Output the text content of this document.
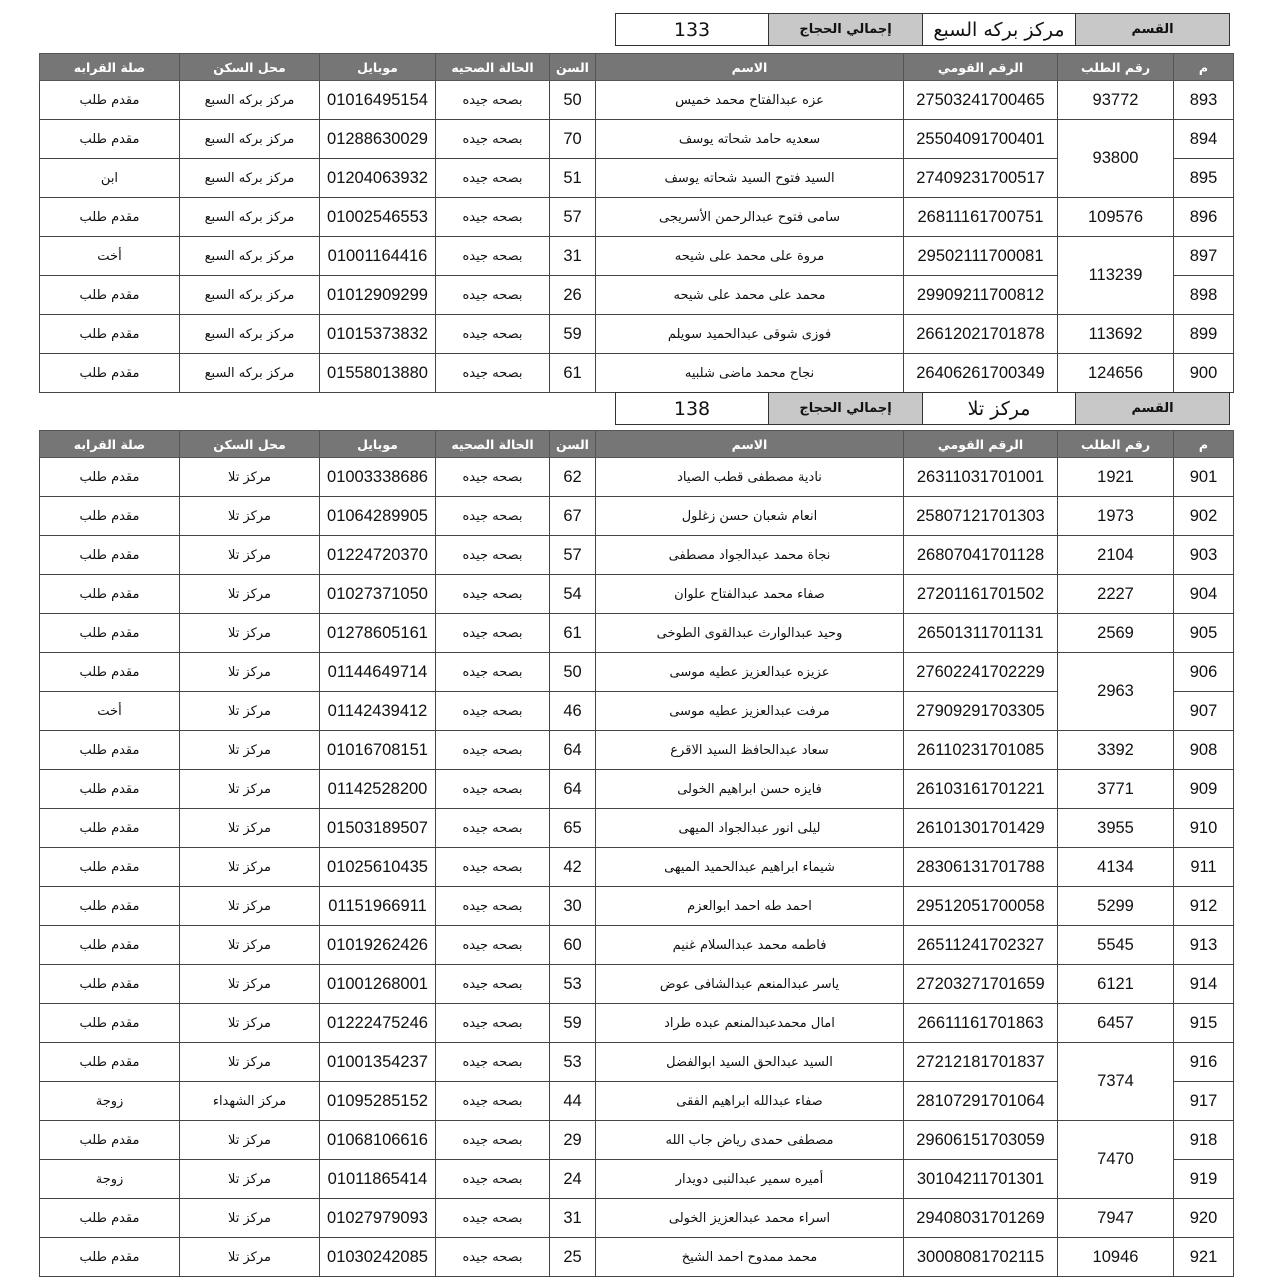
133	إجمالي الحجاج	مركز بركه السبع	القسم
صلة القرابه	محل السكن	موبايل	الحالة الصحيه	السن	الاسم	الرقم القومي	رقم الطلب	م
مقدم طلب	مركز بركه السبع	01016495154	بصحه جيده	50	عزه عبدالفتاح محمد خميس	27503241700465	93772	893
مقدم طلب	مركز بركه السبع	01288630029	بصحه جيده	70	سعديه حامد شحاته يوسف	25504091700401	93800	894
ابن	مركز بركه السبع	01204063932	بصحه جيده	51	السيد فتوح السيد شحاته يوسف	27409231700517		895
مقدم طلب	مركز بركه السبع	01002546553	بصحه جيده	57	سامى فتوح عبدالرحمن الأسريجى	26811161700751	109576	896
أخت	مركز بركه السبع	01001164416	بصحه جيده	31	مروة على محمد على شيحه	29502111700081	113239	897
مقدم طلب	مركز بركه السبع	01012909299	بصحه جيده	26	محمد على محمد على شيحه	29909211700812		898
مقدم طلب	مركز بركه السبع	01015373832	بصحه جيده	59	فوزى شوقى عبدالحميد سويلم	26612021701878	113692	899
مقدم طلب	مركز بركه السبع	01558013880	بصحه جيده	61	نجاح محمد ماضى شلبيه	26406261700349	124656	900
138	إجمالي الحجاج	مركز تلا	القسم
صلة القرابه	محل السكن	موبايل	الحالة الصحيه	السن	الاسم	الرقم القومي	رقم الطلب	م
مقدم طلب	مركز تلا	01003338686	بصحه جيده	62	نادية مصطفى قطب الصياد	26311031701001	1921	901
مقدم طلب	مركز تلا	01064289905	بصحه جيده	67	انعام شعبان حسن زغلول	25807121701303	1973	902
مقدم طلب	مركز تلا	01224720370	بصحه جيده	57	نجاة محمد عبدالجواد مصطفى	26807041701128	2104	903
مقدم طلب	مركز تلا	01027371050	بصحه جيده	54	صفاء محمد عبدالفتاح علوان	27201161701502	2227	904
مقدم طلب	مركز تلا	01278605161	بصحه جيده	61	وحيد عبدالوارث عبدالقوى الطوخى	26501311701131	2569	905
مقدم طلب	مركز تلا	01144649714	بصحه جيده	50	عزيزه عبدالعزيز عطيه موسى	27602241702229	2963	906
أخت	مركز تلا	01142439412	بصحه جيده	46	مرفت عبدالعزيز عطيه موسى	27909291703305		907
مقدم طلب	مركز تلا	01016708151	بصحه جيده	64	سعاد عبدالحافظ السيد الاقرع	26110231701085	3392	908
مقدم طلب	مركز تلا	01142528200	بصحه جيده	64	فايزه حسن ابراهيم الخولى	26103161701221	3771	909
مقدم طلب	مركز تلا	01503189507	بصحه جيده	65	ليلى انور عبدالجواد الميهى	26101301701429	3955	910
مقدم طلب	مركز تلا	01025610435	بصحه جيده	42	شيماء ابراهيم عبدالحميد الميهى	28306131701788	4134	911
مقدم طلب	مركز تلا	01151966911	بصحه جيده	30	احمد طه احمد ابوالعزم	29512051700058	5299	912
مقدم طلب	مركز تلا	01019262426	بصحه جيده	60	فاطمه محمد عبدالسلام غنيم	26511241702327	5545	913
مقدم طلب	مركز تلا	01001268001	بصحه جيده	53	ياسر عبدالمنعم عبدالشافى عوض	27203271701659	6121	914
مقدم طلب	مركز تلا	01222475246	بصحه جيده	59	امال محمدعبدالمنعم عبده طراد	26611161701863	6457	915
مقدم طلب	مركز تلا	01001354237	بصحه جيده	53	السيد عبدالحق السيد ابوالفضل	27212181701837	7374	916
زوجة	مركز الشهداء	01095285152	بصحه جيده	44	صفاء عبدالله ابراهيم الفقى	28107291701064		917
مقدم طلب	مركز تلا	01068106616	بصحه جيده	29	مصطفى حمدى رياض جاب الله	29606151703059	7470	918
زوجة	مركز تلا	01011865414	بصحه جيده	24	أميره سمير عبدالنبى دويدار	30104211701301		919
مقدم طلب	مركز تلا	01027979093	بصحه جيده	31	اسراء محمد عبدالعزيز الخولى	29408031701269	7947	920
مقدم طلب	مركز تلا	01030242085	بصحه جيده	25	محمد ممدوح احمد الشيخ	30008081702115	10946	921
